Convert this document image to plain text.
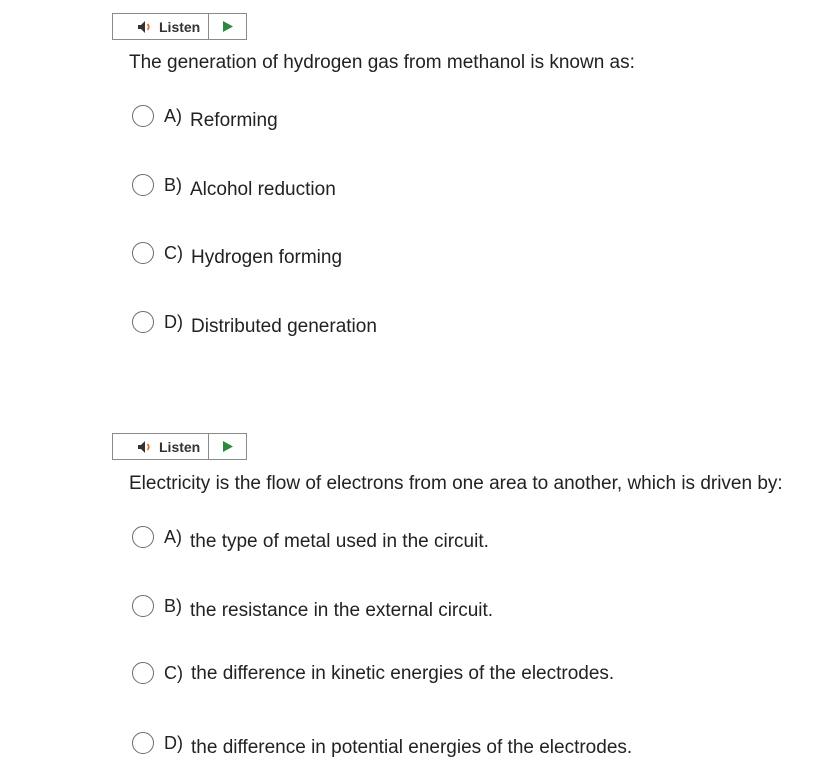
Listen
The generation of hydrogen gas from methanol is known as:
A) Reforming
B) Alcohol reduction
C) Hydrogen forming
D) Distributed generation
Listen
Electricity is the flow of electrons from one area to another, which is driven by:
A) the type of metal used in the circuit.
B) the resistance in the external circuit.
C) the difference in kinetic energies of the electrodes.
D) the difference in potential energies of the electrodes.
